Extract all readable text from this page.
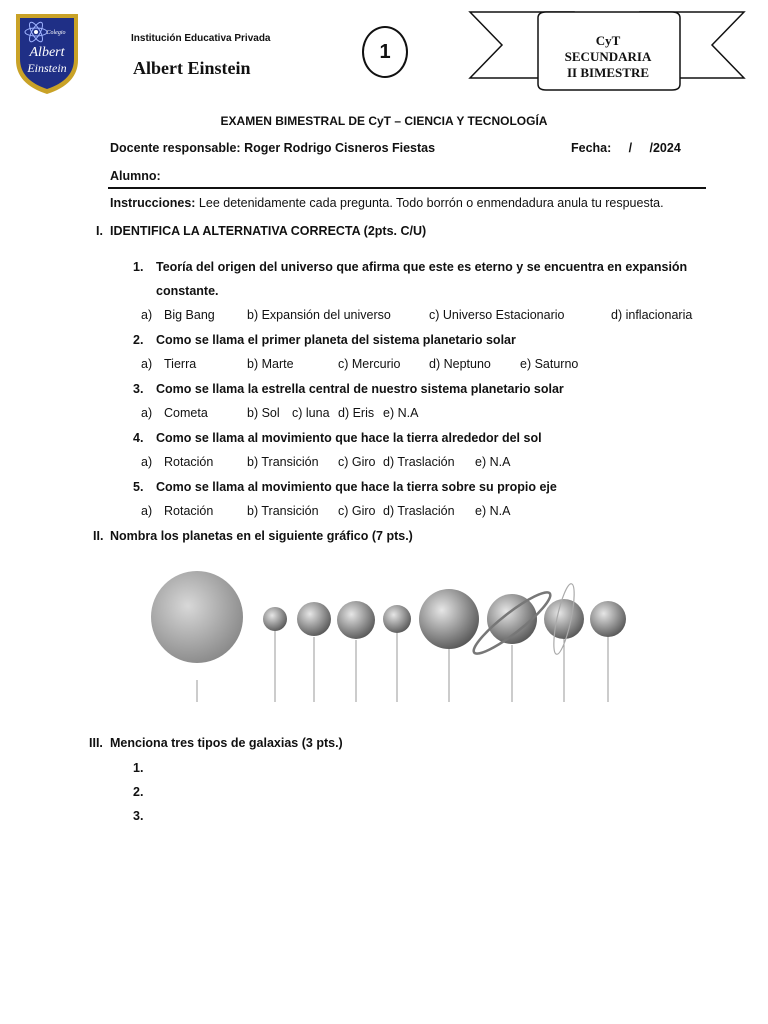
Colegio
Albert
Einstein
Institución Educativa Privada
Albert Einstein
1	CyT
SECUNDARIA
II BIMESTRE
EXAMEN BIMESTRAL DE CyT – CIENCIA Y TECNOLOGÍA
Docente responsable: Roger Rodrigo Cisneros Fiestas	Fecha:     /     /2024
Alumno:
Instrucciones: Lee detenidamente cada pregunta. Todo borrón o enmendadura anula tu respuesta.
I. IDENTIFICA LA ALTERNATIVA CORRECTA (2pts. C/U)
1. Teoría del origen del universo que afirma que este es eterno y se encuentra en expansión constante.
a) Big Bang	b) Expansión del universo	c) Universo Estacionario	d) inflacionaria
2. Como se llama el primer planeta del sistema planetario solar
a) Tierra	b) Marte	c) Mercurio d) Neptuno e) Saturno
3. Como se llama la estrella central de nuestro sistema planetario solar
a) Cometa	b) Sol c) luna d) Eris e) N.A
4. Como se llama al movimiento que hace la tierra alrededor del sol
a) Rotación	b) Transición c) Giro d) Traslación e) N.A
5. Como se llama al movimiento que hace la tierra sobre su propio eje
a) Rotación	b) Transición c) Giro d) Traslación e) N.A
II. Nombra los planetas en el siguiente gráfico (7 pts.)
III. Menciona tres tipos de galaxias (3 pts.)
1.
2.
3.
